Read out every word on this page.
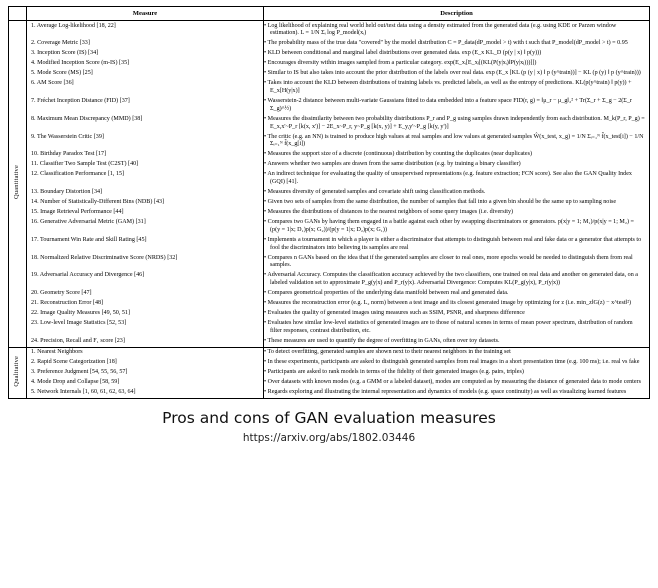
	Measure	Description
Quantitative	1. Average Log-likelihood [18, 22]	• Log likelihood of explaining real world held out/test data using a density estimated from the generated data (e.g. using KDE or Parzen window estimation). L = 1/N Σᵢ log P_model(xᵢ)
	2. Coverage Metric [33]	• The probability mass of the true data "covered" by the model distribution C = P_data(dP_model > t) with t such that P_model(dP_model > t) = 0.95
	3. Inception Score (IS) [34]	• KLD between conditional and marginal label distributions over generated data. exp (E_x KL_D (p(y | x) ‖ p(y)))
	4. Modified Inception Score (m-IS) [35]	• Encourages diversity within images sampled from a particular category. exp(E_xᵢ[E_xⱼ[(KL(P(y|xᵢ)‖P(y|xⱼ)))]])
	5. Mode Score (MS) [25]	• Similar to IS but also takes into account the prior distribution of the labels over real data. exp (E_x [KL (p (y | x) ‖ p (y^train))] − KL (p (y) ‖ p (y^train)))
	6. AM Score [36]	• Takes into account the KLD between distributions of training labels vs. predicted labels, as well as the entropy of predictions. KL(p(y^train) ‖ p(y)) + E_x[H(y|x)]
	7. Fréchet Inception Distance (FID) [37]	• Wasserstein-2 distance between multi-variate Gaussians fitted to data embedded into a feature space FID(r, g) = ‖μ_r − μ_g‖₂² + Tr(Σ_r + Σ_g − 2(Σ_r Σ_g)^½)
	8. Maximum Mean Discrepancy (MMD) [38]	• Measures the dissimilarity between two probability distributions P_r and P_g using samples drawn independently from each distribution. M_k(P_r, P_g) = E_x,x'~P_r [k(x, x')] − 2E_x~P_r, y~P_g [k(x, y)] + E_y,y'~P_g [k(y, y')]
	9. The Wasserstein Critic [39]	• The critic (e.g. an NN) is trained to produce high values at real samples and low values at generated samples Ŵ(x_test, x_g) = 1/N Σᵢ₌₁ᴺ f̂(x_test[i]) − 1/N Σᵢ₌₁ᴺ f̂(x_g[i])
	10. Birthday Paradox Test [17]	• Measures the support size of a discrete (continuous) distribution by counting the duplicates (near duplicates)
	11. Classifier Two Sample Test (C2ST) [40]	• Answers whether two samples are drawn from the same distribution (e.g. by training a binary classifier)
	12. Classification Performance [1, 15]	• An indirect technique for evaluating the quality of unsupervised representations (e.g. feature extraction; FCN score). See also the GAN Quality Index (GQI) [41].
	13. Boundary Distortion [34]	• Measures diversity of generated samples and covariate shift using classification methods.
	14. Number of Statistically-Different Bins (NDB) [43]	• Given two sets of samples from the same distribution, the number of samples that fall into a given bin should be the same up to sampling noise
	15. Image Retrieval Performance [44]	• Measures the distributions of distances to the nearest neighbors of some query images (i.e. diversity)
	16. Generative Adversarial Metric (GAM) [31]	• Compares two GANs by having them engaged in a battle against each other by swapping discriminators or generators. p(x|y = 1; M₁)/p(x|y = 1; M₂) = (p(y = 1|x; D₁)p(x; G₂))/(p(y = 1|x; D₂)p(x; G₁))
	17. Tournament Win Rate and Skill Rating [45]	• Implements a tournament in which a player is either a discriminator that attempts to distinguish between real and fake data or a generator that attempts to fool the discriminators into believing its samples are real
	18. Normalized Relative Discriminative Score (NRDS) [32]	• Compares n GANs based on the idea that if the generated samples are closer to real ones, more epochs would be needed to distinguish them from real samples.
	19. Adversarial Accuracy and Divergence [46]	• Adversarial Accuracy. Computes the classification accuracy achieved by the two classifiers, one trained on real data and another on generated data, on a labeled validation set to approximate P_g(y|x) and P_r(y|x). Adversarial Divergence: Computes KL(P_g(y|x), P_r(y|x))
	20. Geometry Score [47]	• Compares geometrical properties of the underlying data manifold between real and generated data.
	21. Reconstruction Error [48]	• Measures the reconstruction error (e.g. L₂ norm) between a test image and its closest generated image by optimizing for z (i.e. min_z‖G(z) − x^test‖²)
	22. Image Quality Measures [49, 50, 51]	• Evaluates the quality of generated images using measures such as SSIM, PSNR, and sharpness difference
	23. Low-level Image Statistics [52, 53]	• Evaluates how similar low-level statistics of generated images are to those of natural scenes in terms of mean power spectrum, distribution of random filter responses, contrast distribution, etc.
	24. Precision, Recall and F₁ score [23]	• These measures are used to quantify the degree of overfitting in GANs, often over toy datasets.
Qualitative	1. Nearest Neighbors	• To detect overfitting, generated samples are shown next to their nearest neighbors in the training set
	2. Rapid Scene Categorization [18]	• In these experiments, participants are asked to distinguish generated samples from real images in a short presentation time (e.g. 100 ms); i.e. real vs fake
	3. Preference Judgment [54, 55, 56, 57]	• Participants are asked to rank models in terms of the fidelity of their generated images (e.g. pairs, triples)
	4. Mode Drop and Collapse [58, 59]	• Over datasets with known modes (e.g. a GMM or a labeled dataset), modes are computed as by measuring the distance of generated data to mode centers
	5. Network Internals [1, 60, 61, 62, 63, 64]	• Regards exploring and illustrating the internal representation and dynamics of models (e.g. space continuity) as well as visualizing learned features
Pros and cons of GAN evaluation measures
https://arxiv.org/abs/1802.03446
